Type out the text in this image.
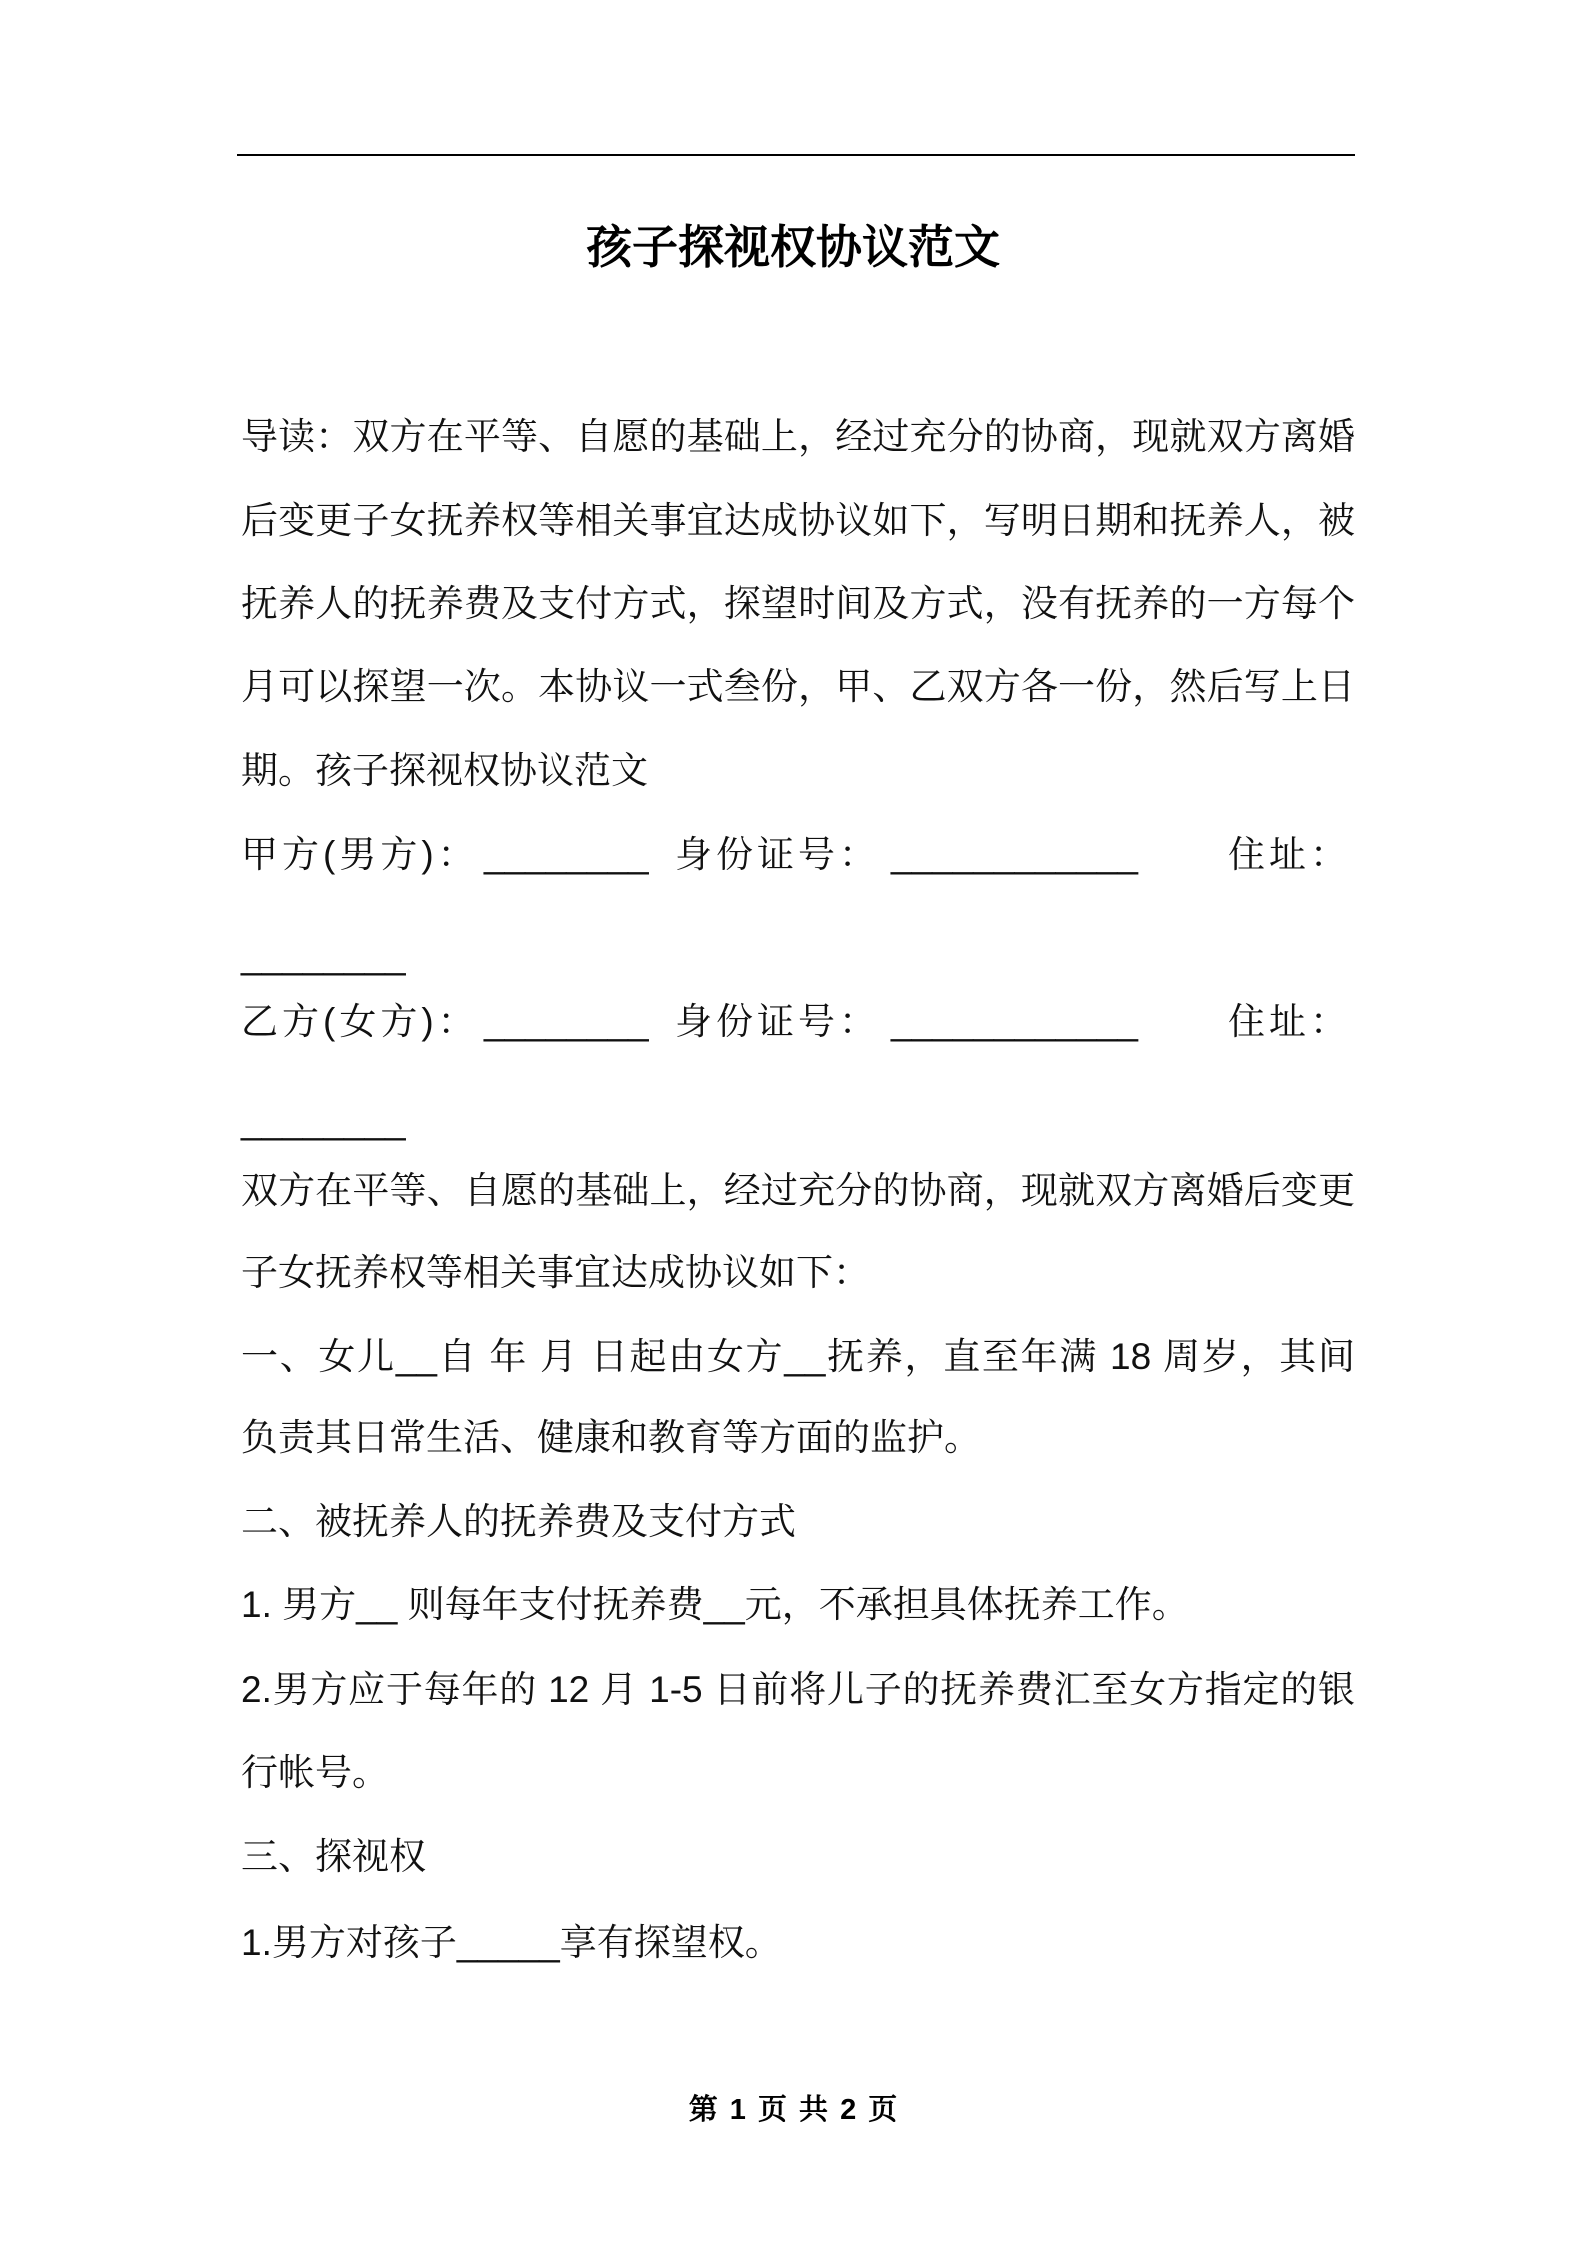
孩子探视权协议范文
导读：双方在平等、自愿的基础上，经过充分的协商，现就双方离婚
后变更子女抚养权等相关事宜达成协议如下，写明日期和抚养人，被
抚养人的抚养费及支付方式，探望时间及方式，没有抚养的一方每个
月可以探望一次。本协议一式叁份，甲、乙双方各一份，然后写上日
期。孩子探视权协议范文
甲方(男方)： ________ 身份证号： ____________ 住址：
________
乙方(女方)： ________ 身份证号： ____________ 住址：
________
双方在平等、自愿的基础上，经过充分的协商，现就双方离婚后变更
子女抚养权等相关事宜达成协议如下：
一、女儿__自 年 月 日起由女方__抚养，直至年满 18 周岁，其间
负责其日常生活、健康和教育等方面的监护。
二、被抚养人的抚养费及支付方式
1. 男方__ 则每年支付抚养费__元，不承担具体抚养工作。
2.男方应于每年的 12 月 1-5 日前将儿子的抚养费汇至女方指定的银
行帐号。
三、探视权
1.男方对孩子_____享有探望权。
第 1 页 共 2 页
